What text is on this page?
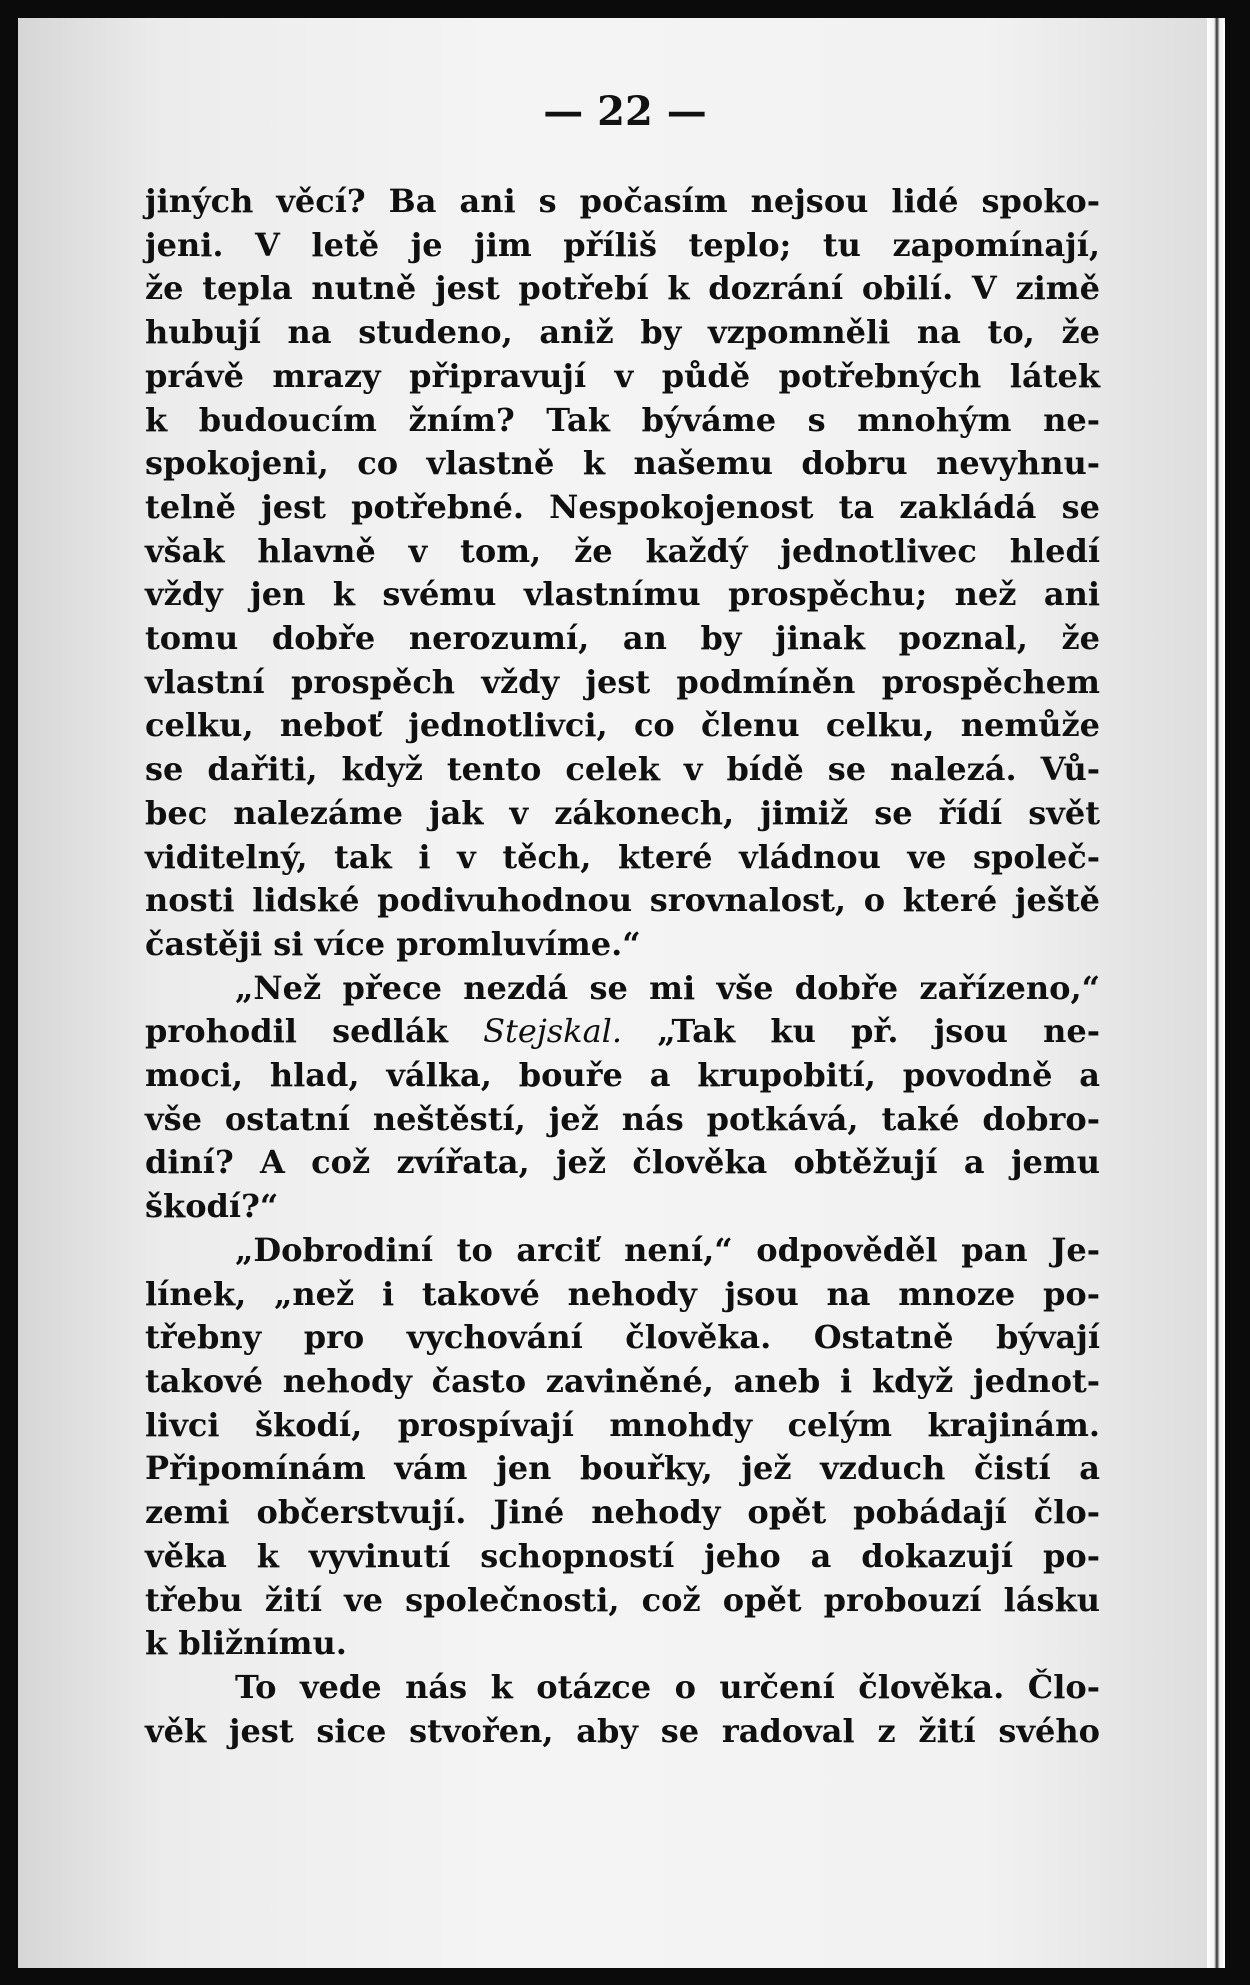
— 22 —
jiných věcí? Ba ani s počasím nejsou lidé spoko-
jeni. V letě je jim příliš teplo; tu zapomínají,
že tepla nutně jest potřebí k dozrání obilí. V zimě
hubují na studeno, aniž by vzpomněli na to, že
právě mrazy připravují v půdě potřebných látek
k budoucím žním? Tak býváme s mnohým ne-
spokojeni, co vlastně k našemu dobru nevyhnu-
telně jest potřebné. Nespokojenost ta zakládá se
však hlavně v tom, že každý jednotlivec hledí
vždy jen k svému vlastnímu prospěchu; než ani
tomu dobře nerozumí, an by jinak poznal, že
vlastní prospěch vždy jest podmíněn prospěchem
celku, neboť jednotlivci, co členu celku, nemůže
se dařiti, když tento celek v bídě se nalezá. Vů-
bec nalezáme jak v zákonech, jimiž se řídí svět
viditelný, tak i v těch, které vládnou ve společ-
nosti lidské podivuhodnou srovnalost, o které ještě
častěji si více promluvíme.“
„Než přece nezdá se mi vše dobře zařízeno,“
prohodil sedlák Stejskal. „Tak ku př. jsou ne-
moci, hlad, válka, bouře a krupobití, povodně a
vše ostatní neštěstí, jež nás potkává, také dobro-
diní? A což zvířata, jež člověka obtěžují a jemu
škodí?“
„Dobrodiní to arciť není,“ odpověděl pan Je-
línek, „než i takové nehody jsou na mnoze po-
třebny pro vychování člověka. Ostatně bývají
takové nehody často zaviněné, aneb i když jednot-
livci škodí, prospívají mnohdy celým krajinám.
Připomínám vám jen bouřky, jež vzduch čistí a
zemi občerstvují. Jiné nehody opět pobádají člo-
věka k vyvinutí schopností jeho a dokazují po-
třebu žití ve společnosti, což opět probouzí lásku
k bližnímu.
To vede nás k otázce o určení člověka. Člo-
věk jest sice stvořen, aby se radoval z žití svého
